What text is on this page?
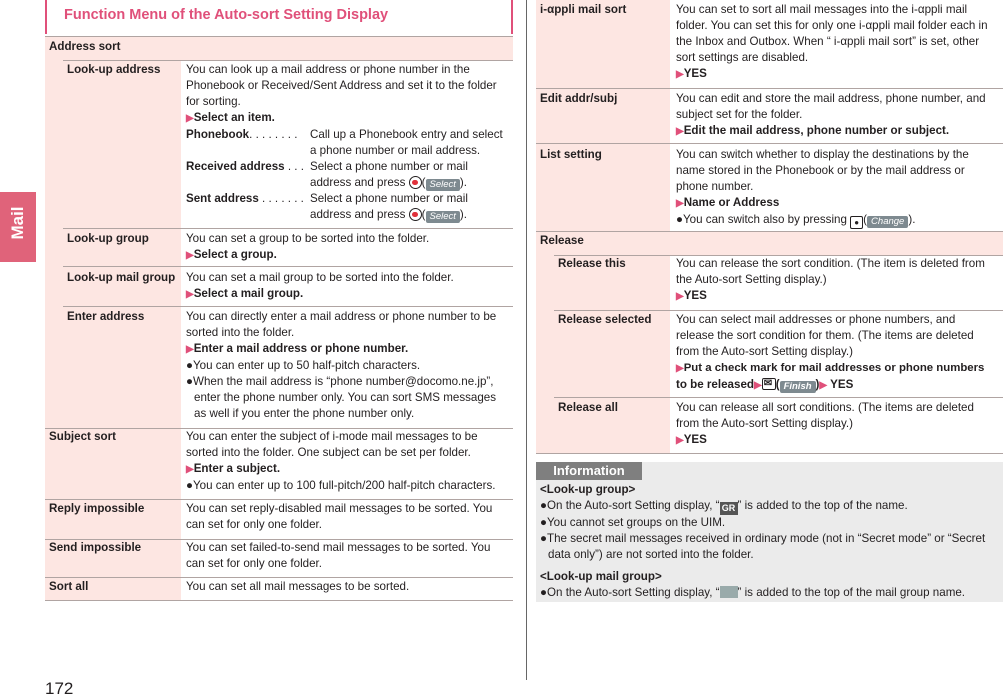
Mail
172
Function Menu of the Auto-sort Setting Display
Address sort
Look-up address You can look up a mail address or phone number in the
Phonebook or Received/Sent Address and set it to the folder
for sorting.
▶Select an item.
Phonebook. . . . . . . . Call up a Phonebook entry and select
a phone number or mail address.
Received address . . . Select a phone number or mail
address and press ( Select ).
Sent address . . . . . . . Select a phone number or mail
address and press ( Select ).
Look-up group	You can set a group to be sorted into the folder.
▶Select a group.
Look-up mail group You can set a mail group to be sorted into the folder.
▶Select a mail group.
Enter address	You can directly enter a mail address or phone number to be
sorted into the folder.
▶Enter a mail address or phone number.
●You can enter up to 50 half-pitch characters.
●When the mail address is “phone number@docomo.ne.jp”,
enter the phone number only. You can sort SMS messages
as well if you enter the phone number only.
Subject sort	You can enter the subject of i-mode mail messages to be
sorted into the folder. One subject can be set per folder.
▶Enter a subject.
●You can enter up to 100 full-pitch/200 half-pitch characters.
Reply impossible	You can set reply-disabled mail messages to be sorted. You
can set for only one folder.
Send impossible	You can set failed-to-send mail messages to be sorted. You
can set for only one folder.
Sort all	You can set all mail messages to be sorted.
i-αppli mail sort	You can set to sort all mail messages into the i-αppli mail
folder. You can set this for only one i-αppli mail folder each in
the Inbox and Outbox. When “ i-αppli mail sort” is set, other
sort settings are disabled.
▶YES
Edit addr/subj	You can edit and store the mail address, phone number, and
subject set for the folder.
▶Edit the mail address, phone number or subject.
List setting	You can switch whether to display the destinations by the
name stored in the Phonebook or by the mail address or
phone number.
▶Name or Address
●You can switch also by pressing ● ( Change ).
Release
Release this	You can release the sort condition. (The item is deleted from
the Auto-sort Setting display.)
▶YES
Release selected You can select mail addresses or phone numbers, and
release the sort condition for them. (The items are deleted
from the Auto-sort Setting display.)
▶Put a check mark for mail addresses or phone numbers
to be released▶✉ ( Finish )▶ YES
Release all	You can release all sort conditions. (The items are deleted
from the Auto-sort Setting display.)
▶YES
Information
<Look-up group>
●On the Auto-sort Setting display, “ GR ” is added to the top of the name.
●You cannot set groups on the UIM.
●The secret mail messages received in ordinary mode (not in “Secret mode” or “Secret
data only”) are not sorted into the folder.
<Look-up mail group>
●On the Auto-sort Setting display, “ ” is added to the top of the mail group name.
